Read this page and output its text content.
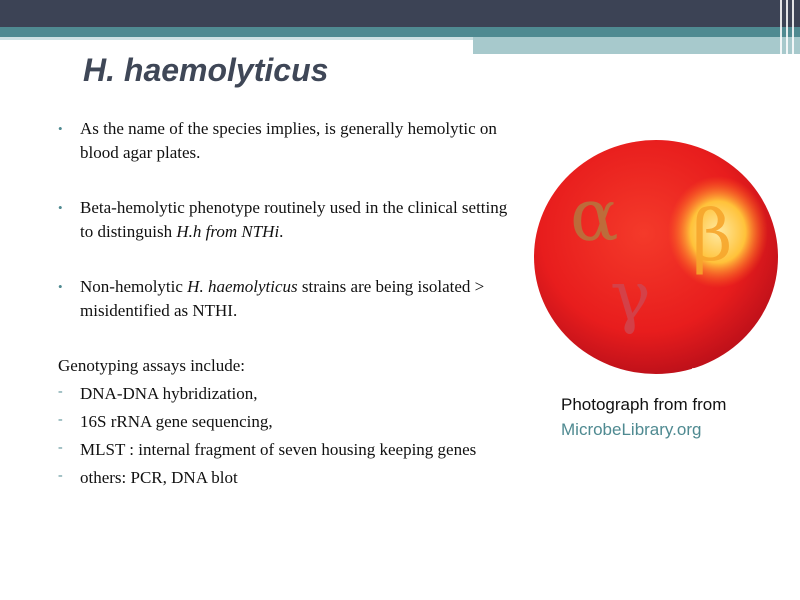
H. haemolyticus
• As the name of the species implies, is generally hemolytic on blood agar plates.
• Beta-hemolytic phenotype routinely used in the clinical setting to distinguish H.h from NTHi.
• Non-hemolytic H. haemolyticus strains are being isolated > misidentified as NTHI.
Genotyping assays include:
- DNA-DNA hybridization,
- 16S rRNA gene sequencing,
- MLST : internal fragment of seven housing keeping genes
- others: PCR, DNA blot
α β
γ
Photograph from from
MicrobeLibrary.org
